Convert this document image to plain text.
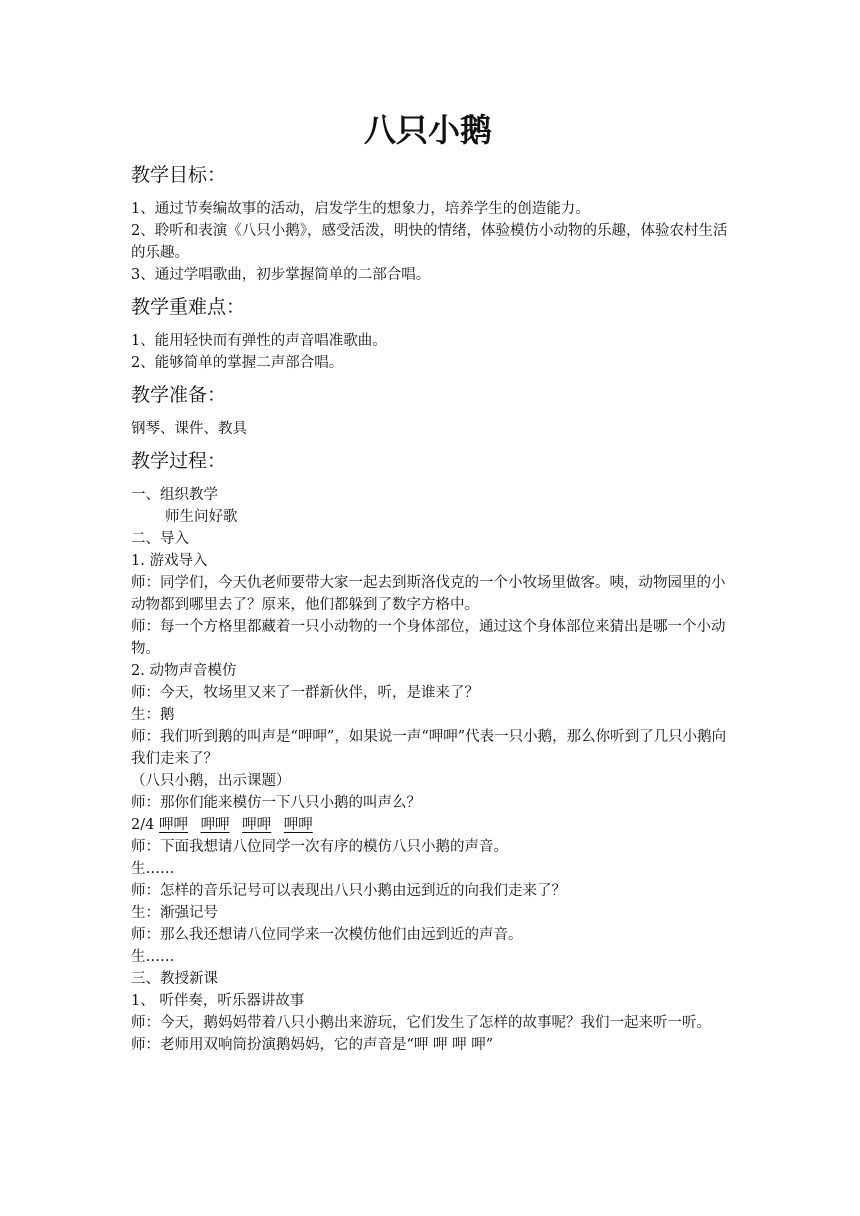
八只小鹅
教学目标：
1、通过节奏编故事的活动，启发学生的想象力，培养学生的创造能力。
2、聆听和表演《八只小鹅》，感受活泼，明快的情绪，体验模仿小动物的乐趣，体验农村生活的乐趣。
3、通过学唱歌曲，初步掌握简单的二部合唱。
教学重难点：
1、能用轻快而有弹性的声音唱准歌曲。
2、能够简单的掌握二声部合唱。
教学准备：
钢琴、课件、教具
教学过程：
一、组织教学
师生问好歌
二、导入
1. 游戏导入
师：同学们，今天仇老师要带大家一起去到斯洛伐克的一个小牧场里做客。咦，动物园里的小动物都到哪里去了？原来，他们都躲到了数字方格中。
师：每一个方格里都藏着一只小动物的一个身体部位，通过这个身体部位来猜出是哪一个小动物。
2. 动物声音模仿
师：今天，牧场里又来了一群新伙伴，听，是谁来了？
生：鹅
师：我们听到鹅的叫声是“呷呷”，如果说一声“呷呷”代表一只小鹅，那么你听到了几只小鹅向我们走来了？
（八只小鹅，出示课题）
师：那你们能来模仿一下八只小鹅的叫声么？
2/4 呷呷 呷呷 呷呷 呷呷
师：下面我想请八位同学一次有序的模仿八只小鹅的声音。
生……
师：怎样的音乐记号可以表现出八只小鹅由远到近的向我们走来了？
生：渐强记号
师：那么我还想请八位同学来一次模仿他们由远到近的声音。
生……
三、教授新课
1、 听伴奏，听乐器讲故事
师：今天，鹅妈妈带着八只小鹅出来游玩，它们发生了怎样的故事呢？我们一起来听一听。
师：老师用双响筒扮演鹅妈妈，它的声音是“呷 呷 呷 呷”
